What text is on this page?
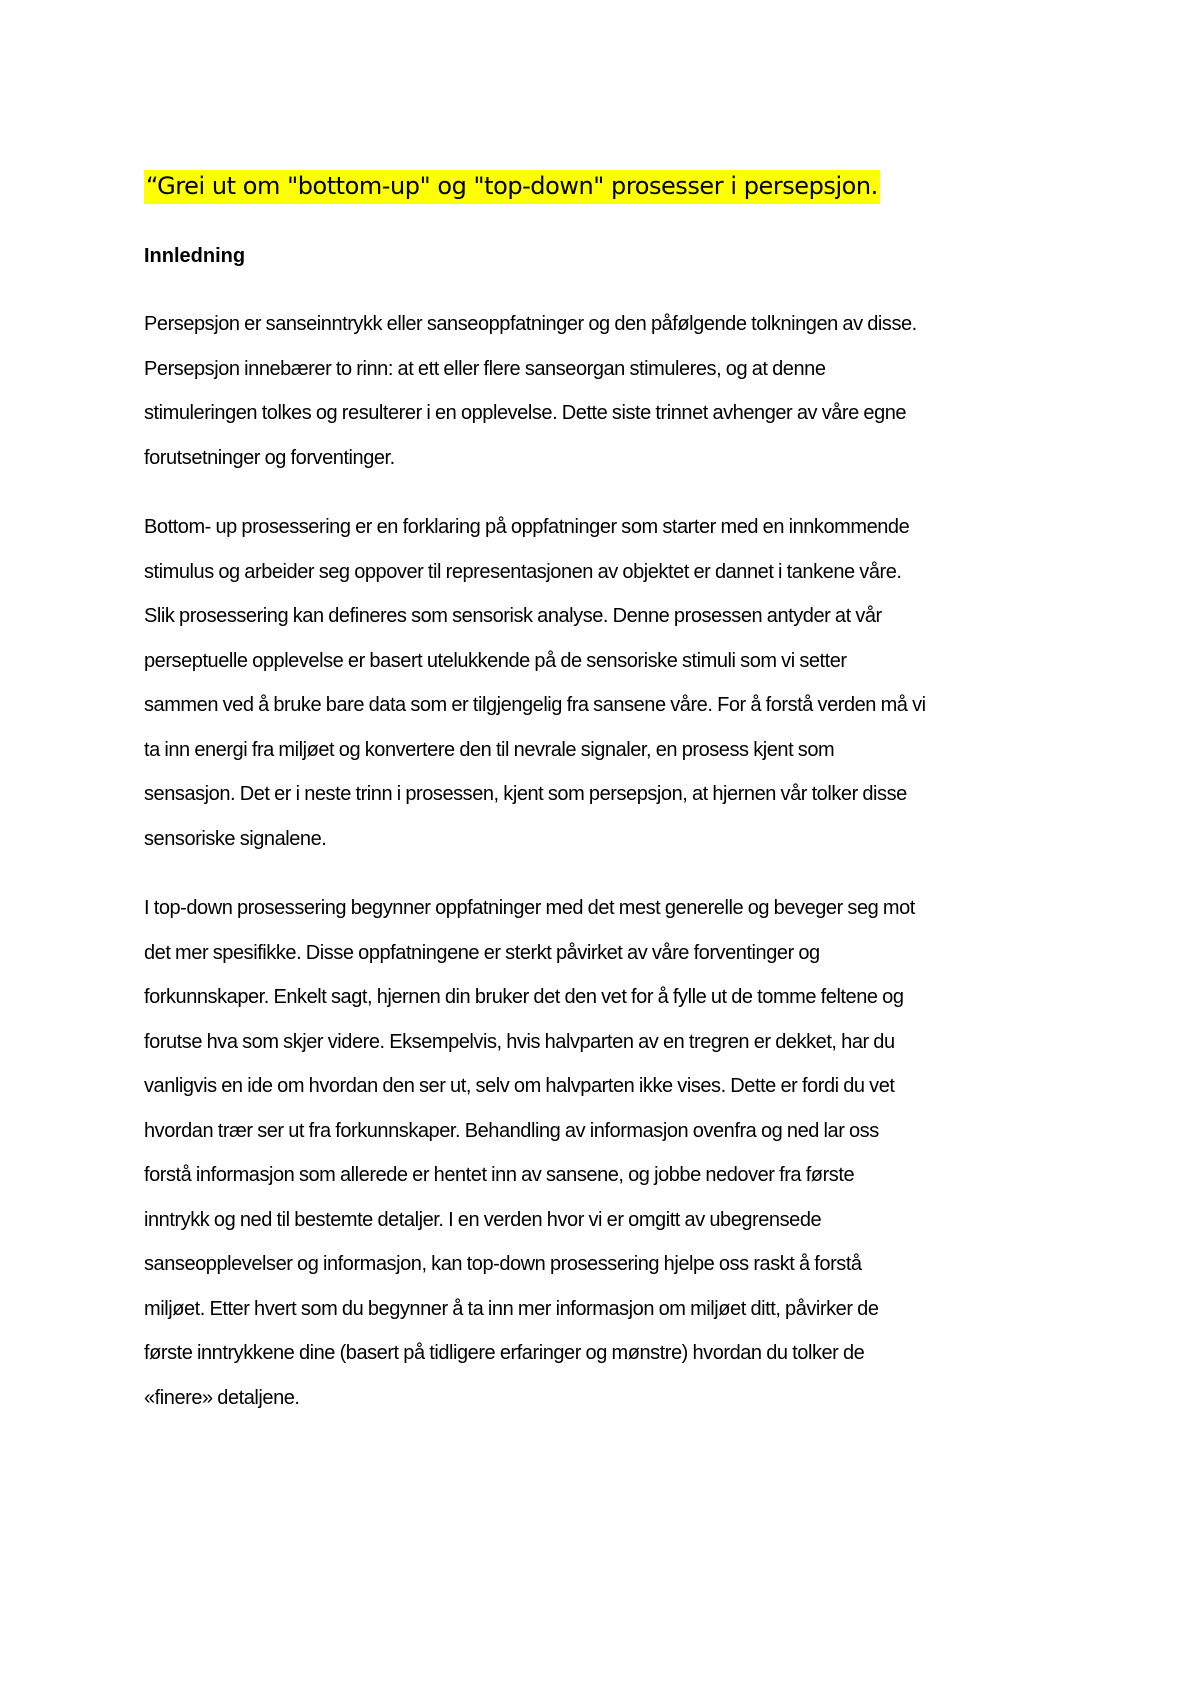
“Grei ut om "bottom-up" og "top-down" prosesser i persepsjon.
Innledning

Persepsjon er sanseinntrykk eller sanseoppfatninger og den påfølgende tolkningen av disse.
Persepsjon innebærer to rinn: at ett eller flere sanseorgan stimuleres, og at denne
stimuleringen tolkes og resulterer i en opplevelse. Dette siste trinnet avhenger av våre egne
forutsetninger og forventinger.

Bottom- up prosessering er en forklaring på oppfatninger som starter med en innkommende
stimulus og arbeider seg oppover til representasjonen av objektet er dannet i tankene våre.
Slik prosessering kan defineres som sensorisk analyse. Denne prosessen antyder at vår
perseptuelle opplevelse er basert utelukkende på de sensoriske stimuli som vi setter
sammen ved å bruke bare data som er tilgjengelig fra sansene våre. For å forstå verden må vi
ta inn energi fra miljøet og konvertere den til nevrale signaler, en prosess kjent som
sensasjon. Det er i neste trinn i prosessen, kjent som persepsjon, at hjernen vår tolker disse
sensoriske signalene.

I top-down prosessering begynner oppfatninger med det mest generelle og beveger seg mot
det mer spesifikke. Disse oppfatningene er sterkt påvirket av våre forventinger og
forkunnskaper. Enkelt sagt, hjernen din bruker det den vet for å fylle ut de tomme feltene og
forutse hva som skjer videre. Eksempelvis, hvis halvparten av en tregren er dekket, har du
vanligvis en ide om hvordan den ser ut, selv om halvparten ikke vises. Dette er fordi du vet
hvordan trær ser ut fra forkunnskaper. Behandling av informasjon ovenfra og ned lar oss
forstå informasjon som allerede er hentet inn av sansene, og jobbe nedover fra første
inntrykk og ned til bestemte detaljer. I en verden hvor vi er omgitt av ubegrensede
sanseopplevelser og informasjon, kan top-down prosessering hjelpe oss raskt å forstå
miljøet. Etter hvert som du begynner å ta inn mer informasjon om miljøet ditt, påvirker de
første inntrykkene dine (basert på tidligere erfaringer og mønstre) hvordan du tolker de
«finere» detaljene.
